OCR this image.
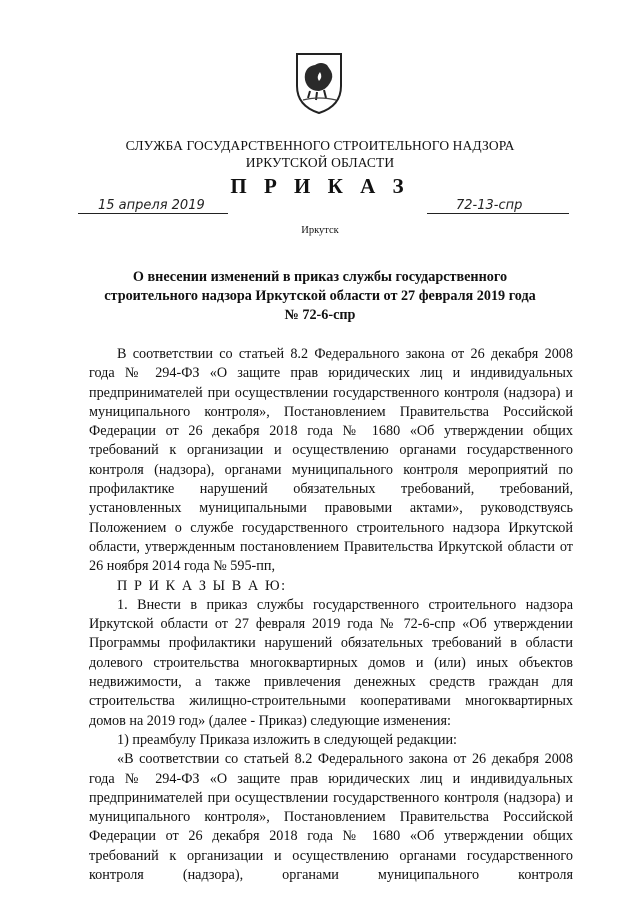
СЛУЖБА ГОСУДАРСТВЕННОГО СТРОИТЕЛЬНОГО НАДЗОРА
ИРКУТСКОЙ ОБЛАСТИ
П Р И К А З
15 апреля 2019	72-13-спр
Иркутск
О внесении изменений в приказ службы государственного
строительного надзора Иркутской области от 27 февраля 2019 года
№ 72-6-спр

В соответствии со статьей 8.2 Федерального закона от 26 декабря 2008 года № 294-ФЗ «О защите прав юридических лиц и индивидуальных предпринимателей при осуществлении государственного контроля (надзора) и муниципального контроля», Постановлением Правительства Российской Федерации от 26 декабря 2018 года № 1680 «Об утверждении общих требований к организации и осуществлению органами государственного контроля (надзора), органами муниципального контроля мероприятий по профилактике нарушений обязательных требований, требований, установленных муниципальными правовыми актами», руководствуясь Положением о службе государственного строительного надзора Иркутской области, утвержденным постановлением Правительства Иркутской области от 26 ноября 2014 года № 595-пп,

П Р И К А З Ы В А Ю:

1. Внести в приказ службы государственного строительного надзора Иркутской области от 27 февраля 2019 года № 72-6-спр «Об утверждении Программы профилактики нарушений обязательных требований в области долевого строительства многоквартирных домов и (или) иных объектов недвижимости, а также привлечения денежных средств граждан для строительства жилищно-строительными кооперативами многоквартирных домов на 2019 год» (далее - Приказ) следующие изменения:

1) преамбулу Приказа изложить в следующей редакции:

«В соответствии со статьей 8.2 Федерального закона от 26 декабря 2008 года № 294-ФЗ «О защите прав юридических лиц и индивидуальных предпринимателей при осуществлении государственного контроля (надзора) и муниципального контроля», Постановлением Правительства Российской Федерации от 26 декабря 2018 года № 1680 «Об утверждении общих требований к организации и осуществлению органами государственного контроля (надзора), органами муниципального контроля
